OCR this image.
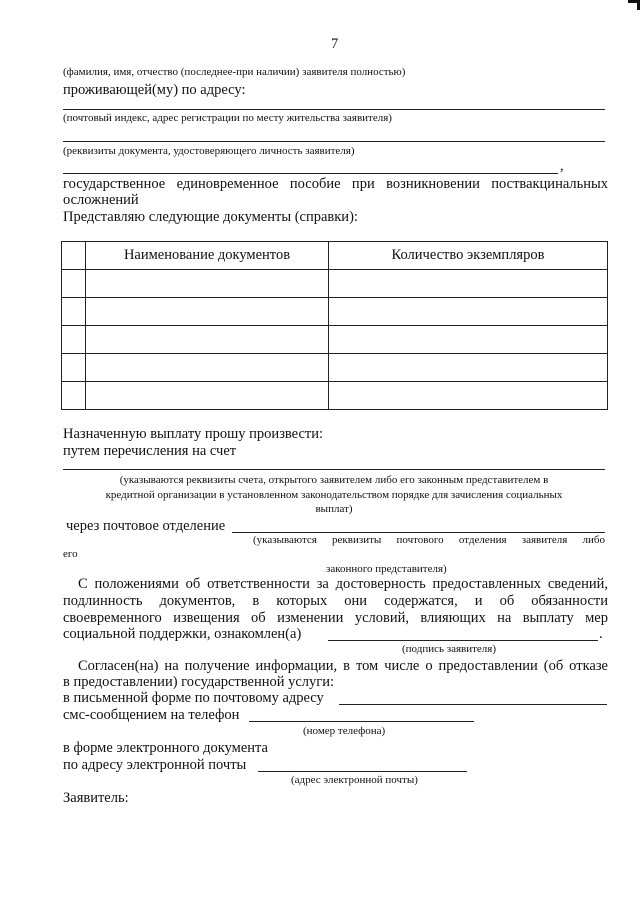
7
(фамилия, имя, отчество (последнее-при наличии) заявителя полностью)
проживающей(му) по адресу:
(почтовый индекс, адрес регистрации по месту жительства заявителя)
(реквизиты документа, удостоверяющего личность заявителя)
,
государственное единовременное пособие при возникновении поствакцинальных
осложнений
Представляю следующие документы (справки):
	Наименование документов	Количество экземпляров

Назначенную выплату прошу произвести:
путем перечисления на счет
(указываются реквизиты счета, открытого заявителем либо его законным представителем в
кредитной организации в установленном законодательством порядке для зачисления социальных
выплат)
через почтовое отделение
(указываются реквизиты почтового отделения заявителя либо
его
законного представителя)
С положениями об ответственности за достоверность предоставленных сведений,
подлинность документов, в которых они содержатся, и об обязанности
своевременного извещения об изменении условий, влияющих на выплату мер
социальной поддержки, ознакомлен(а)	.
(подпись заявителя)
Согласен(на) на получение информации, в том числе о предоставлении (об отказе
в предоставлении) государственной услуги:
в письменной форме по почтовому адресу
смс-сообщением на телефон
(номер телефона)
в форме электронного документа
по адресу электронной почты
(адрес электронной почты)
Заявитель:
